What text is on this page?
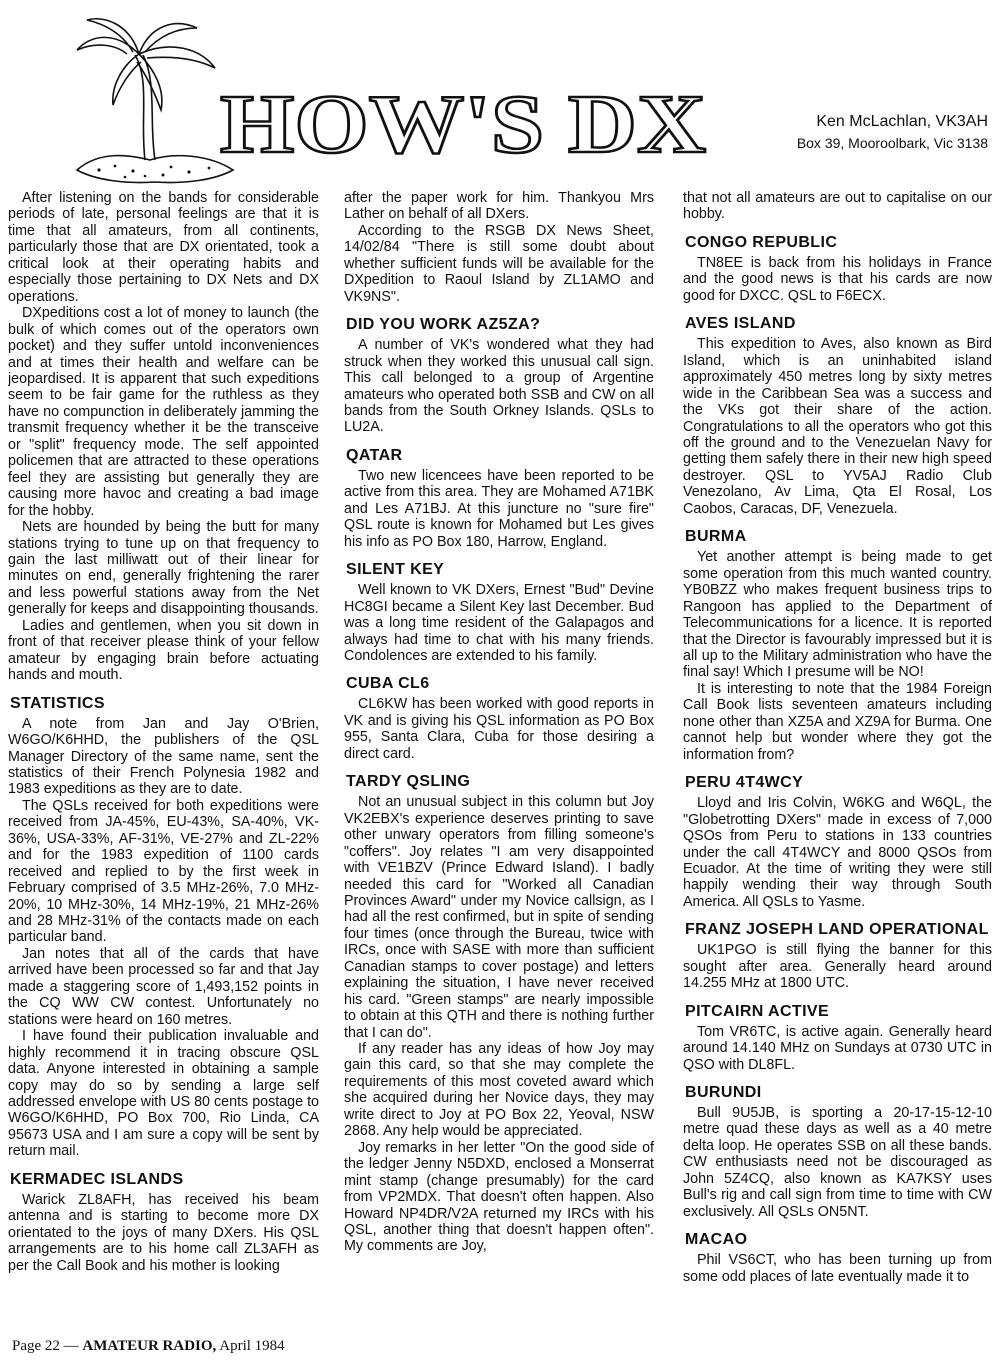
HOW'S DX	Ken McLachlan, VK3AH
Box 39, Mooroolbark, Vic 3138

After listening on the bands for considerable periods of late, personal feelings are that it is time that all amateurs, from all continents, particularly those that are DX orientated, took a critical look at their operating habits and especially those pertaining to DX Nets and DX operations.

DXpeditions cost a lot of money to launch (the bulk of which comes out of the operators own pocket) and they suffer untold inconveniences and at times their health and welfare can be jeopardised. It is apparent that such expeditions seem to be fair game for the ruthless as they have no compunction in deliberately jamming the transmit frequency whether it be the transceive or "split" frequency mode. The self appointed policemen that are attracted to these operations feel they are assisting but generally they are causing more havoc and creating a bad image for the hobby.

Nets are hounded by being the butt for many stations trying to tune up on that frequency to gain the last milliwatt out of their linear for minutes on end, generally frightening the rarer and less powerful stations away from the Net generally for keeps and disappointing thousands.

Ladies and gentlemen, when you sit down in front of that receiver please think of your fellow amateur by engaging brain before actuating hands and mouth.

STATISTICS

A note from Jan and Jay O'Brien, W6GO/K6HHD, the publishers of the QSL Manager Directory of the same name, sent the statistics of their French Polynesia 1982 and 1983 expeditions as they are to date.

The QSLs received for both expeditions were received from JA-45%, EU-43%, SA-40%, VK-36%, USA-33%, AF-31%, VE-27% and ZL-22% and for the 1983 expedition of 1100 cards received and replied to by the first week in February comprised of 3.5 MHz-26%, 7.0 MHz-20%, 10 MHz-30%, 14 MHz-19%, 21 MHz-26% and 28 MHz-31% of the contacts made on each particular band.

Jan notes that all of the cards that have arrived have been processed so far and that Jay made a staggering score of 1,493,152 points in the CQ WW CW contest. Unfortunately no stations were heard on 160 metres.

I have found their publication invaluable and highly recommend it in tracing obscure QSL data. Anyone interested in obtaining a sample copy may do so by sending a large self addressed envelope with US 80 cents postage to W6GO/K6HHD, PO Box 700, Rio Linda, CA 95673 USA and I am sure a copy will be sent by return mail.

KERMADEC ISLANDS

Warick ZL8AFH, has received his beam antenna and is starting to become more DX orientated to the joys of many DXers. His QSL arrangements are to his home call ZL3AFH as per the Call Book and his mother is looking

after the paper work for him. Thankyou Mrs Lather on behalf of all DXers.

According to the RSGB DX News Sheet, 14/02/84 "There is still some doubt about whether sufficient funds will be available for the DXpedition to Raoul Island by ZL1AMO and VK9NS".

DID YOU WORK AZ5ZA?

A number of VK's wondered what they had struck when they worked this unusual call sign. This call belonged to a group of Argentine amateurs who operated both SSB and CW on all bands from the South Orkney Islands. QSLs to LU2A.

QATAR

Two new licencees have been reported to be active from this area. They are Mohamed A71BK and Les A71BJ. At this juncture no "sure fire" QSL route is known for Mohamed but Les gives his info as PO Box 180, Harrow, England.

SILENT KEY

Well known to VK DXers, Ernest "Bud" Devine HC8GI became a Silent Key last December. Bud was a long time resident of the Galapagos and always had time to chat with his many friends. Condolences are extended to his family.

CUBA CL6

CL6KW has been worked with good reports in VK and is giving his QSL information as PO Box 955, Santa Clara, Cuba for those desiring a direct card.

TARDY QSLING

Not an unusual subject in this column but Joy VK2EBX's experience deserves printing to save other unwary operators from filling someone's "coffers". Joy relates "I am very disappointed with VE1BZV (Prince Edward Island). I badly needed this card for "Worked all Canadian Provinces Award" under my Novice callsign, as I had all the rest confirmed, but in spite of sending four times (once through the Bureau, twice with IRCs, once with SASE with more than sufficient Canadian stamps to cover postage) and letters explaining the situation, I have never received his card. "Green stamps" are nearly impossible to obtain at this QTH and there is nothing further that I can do".

If any reader has any ideas of how Joy may gain this card, so that she may complete the requirements of this most coveted award which she acquired during her Novice days, they may write direct to Joy at PO Box 22, Yeoval, NSW 2868. Any help would be appreciated.

Joy remarks in her letter "On the good side of the ledger Jenny N5DXD, enclosed a Monserrat mint stamp (change presumably) for the card from VP2MDX. That doesn't often happen. Also Howard NP4DR/V2A returned my IRCs with his QSL, another thing that doesn't happen often". My comments are Joy,

that not all amateurs are out to capitalise on our hobby.

CONGO REPUBLIC

TN8EE is back from his holidays in France and the good news is that his cards are now good for DXCC. QSL to F6ECX.

AVES ISLAND

This expedition to Aves, also known as Bird Island, which is an uninhabited island approximately 450 metres long by sixty metres wide in the Caribbean Sea was a success and the VKs got their share of the action. Congratulations to all the operators who got this off the ground and to the Venezuelan Navy for getting them safely there in their new high speed destroyer. QSL to YV5AJ Radio Club Venezolano, Av Lima, Qta El Rosal, Los Caobos, Caracas, DF, Venezuela.

BURMA

Yet another attempt is being made to get some operation from this much wanted country. YB0BZZ who makes frequent business trips to Rangoon has applied to the Department of Telecommunications for a licence. It is reported that the Director is favourably impressed but it is all up to the Military administration who have the final say! Which I presume will be NO!

It is interesting to note that the 1984 Foreign Call Book lists seventeen amateurs including none other than XZ5A and XZ9A for Burma. One cannot help but wonder where they got the information from?

PERU 4T4WCY

Lloyd and Iris Colvin, W6KG and W6QL, the "Globetrotting DXers" made in excess of 7,000 QSOs from Peru to stations in 133 countries under the call 4T4WCY and 8000 QSOs from Ecuador. At the time of writing they were still happily wending their way through South America. All QSLs to Yasme.

FRANZ JOSEPH LAND OPERATIONAL

UK1PGO is still flying the banner for this sought after area. Generally heard around 14.255 MHz at 1800 UTC.

PITCAIRN ACTIVE

Tom VR6TC, is active again. Generally heard around 14.140 MHz on Sundays at 0730 UTC in QSO with DL8FL.

BURUNDI

Bull 9U5JB, is sporting a 20-17-15-12-10 metre quad these days as well as a 40 metre delta loop. He operates SSB on all these bands. CW enthusiasts need not be discouraged as John 5Z4CQ, also known as KA7KSY uses Bull's rig and call sign from time to time with CW exclusively. All QSLs ON5NT.

MACAO

Phil VS6CT, who has been turning up from some odd places of late eventually made it to

Page 22 — AMATEUR RADIO, April 1984
